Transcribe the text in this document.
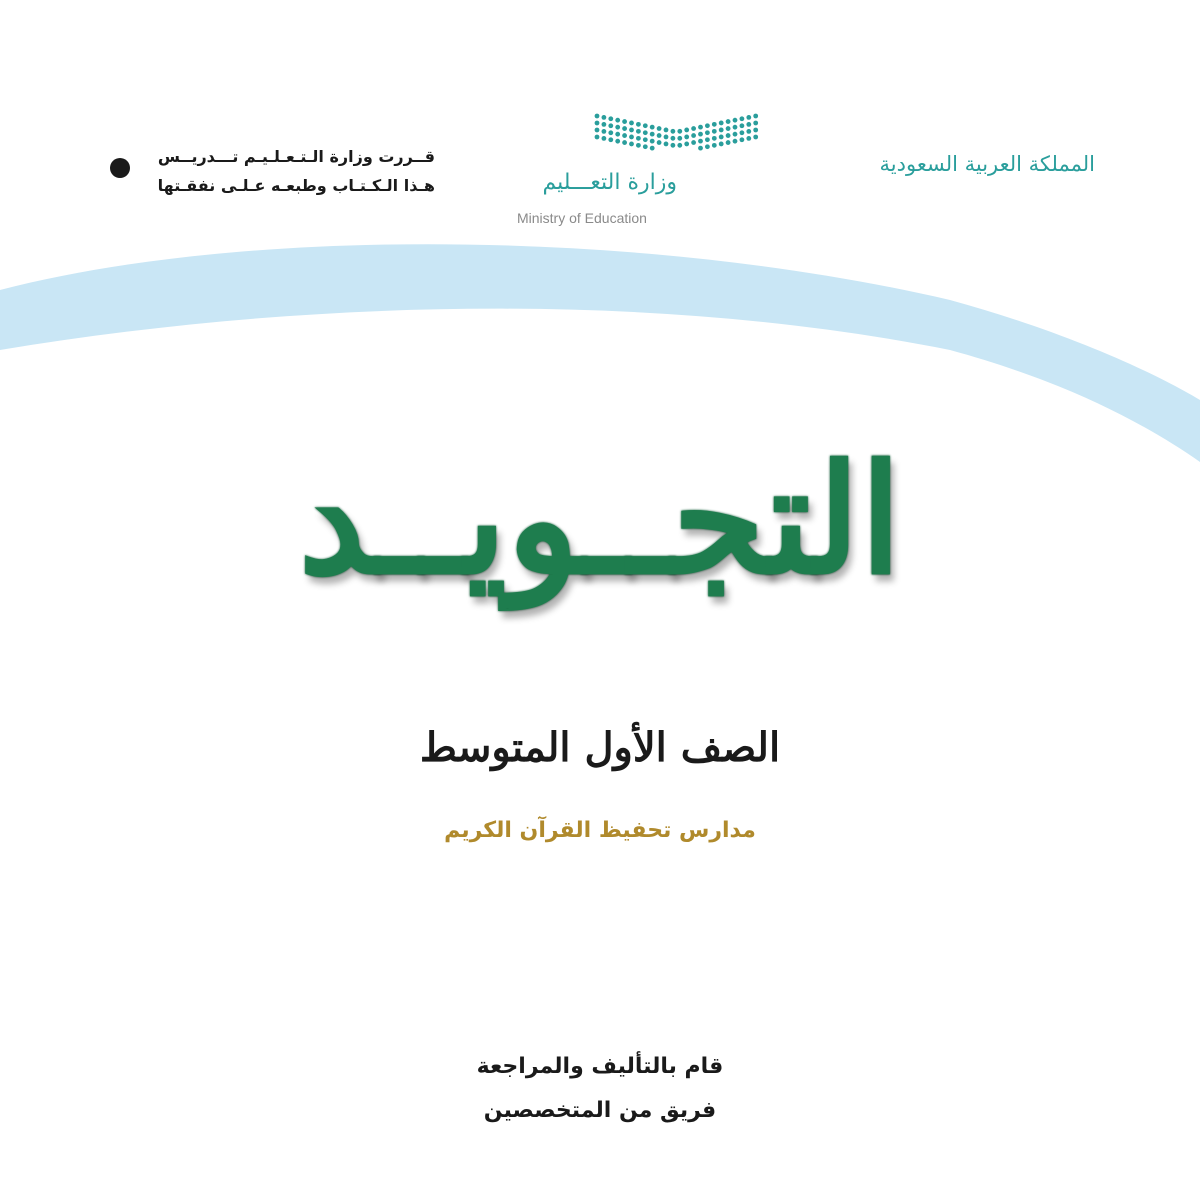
المملكة العربية السعودية
وزارة التعـــليم
Ministry of Education
قــررت وزارة الـتـعـلـيـم تـــدريــس
هـذا الـكـتـاب وطبعـه عـلـى نفقـتها
التجــويــد
الصف الأول المتوسط
مدارس تحفيظ القرآن الكريم
قام بالتأليف والمراجعة
فريق من المتخصصين
